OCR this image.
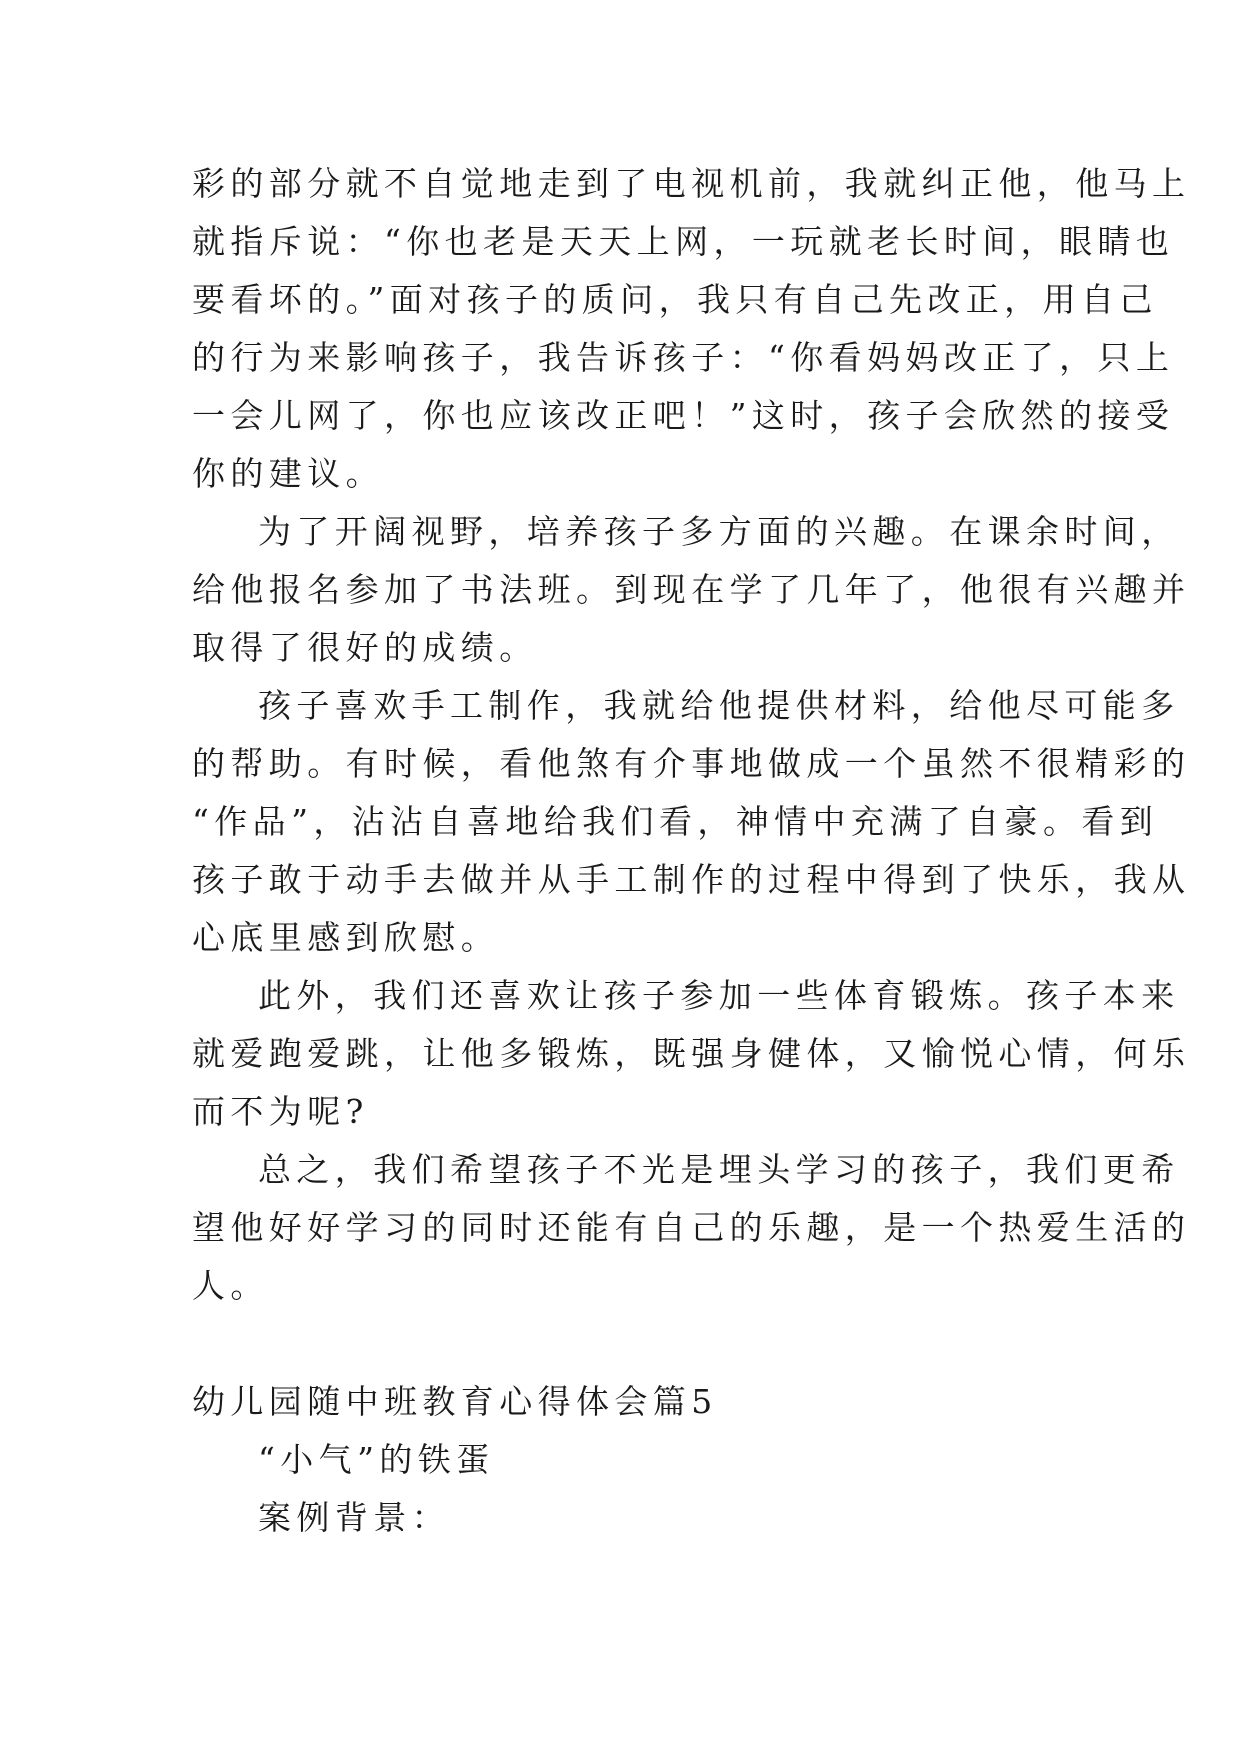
彩的部分就不自觉地走到了电视机前，我就纠正他，他马上
就指斥说：“你也老是天天上网，一玩就老长时间，眼睛也
要看坏的。”面对孩子的质问，我只有自己先改正，用自己
的行为来影响孩子，我告诉孩子：“你看妈妈改正了，只上
一会儿网了，你也应该改正吧！”这时，孩子会欣然的接受
你的建议。
为了开阔视野，培养孩子多方面的兴趣。在课余时间，
给他报名参加了书法班。到现在学了几年了，他很有兴趣并
取得了很好的成绩。
孩子喜欢手工制作，我就给他提供材料，给他尽可能多
的帮助。有时候，看他煞有介事地做成一个虽然不很精彩的
“作品”，沾沾自喜地给我们看，神情中充满了自豪。看到
孩子敢于动手去做并从手工制作的过程中得到了快乐，我从
心底里感到欣慰。
此外，我们还喜欢让孩子参加一些体育锻炼。孩子本来
就爱跑爱跳，让他多锻炼，既强身健体，又愉悦心情，何乐
而不为呢?
总之，我们希望孩子不光是埋头学习的孩子，我们更希
望他好好学习的同时还能有自己的乐趣，是一个热爱生活的
人。
幼儿园随中班教育心得体会篇5
“小气”的铁蛋
案例背景：
